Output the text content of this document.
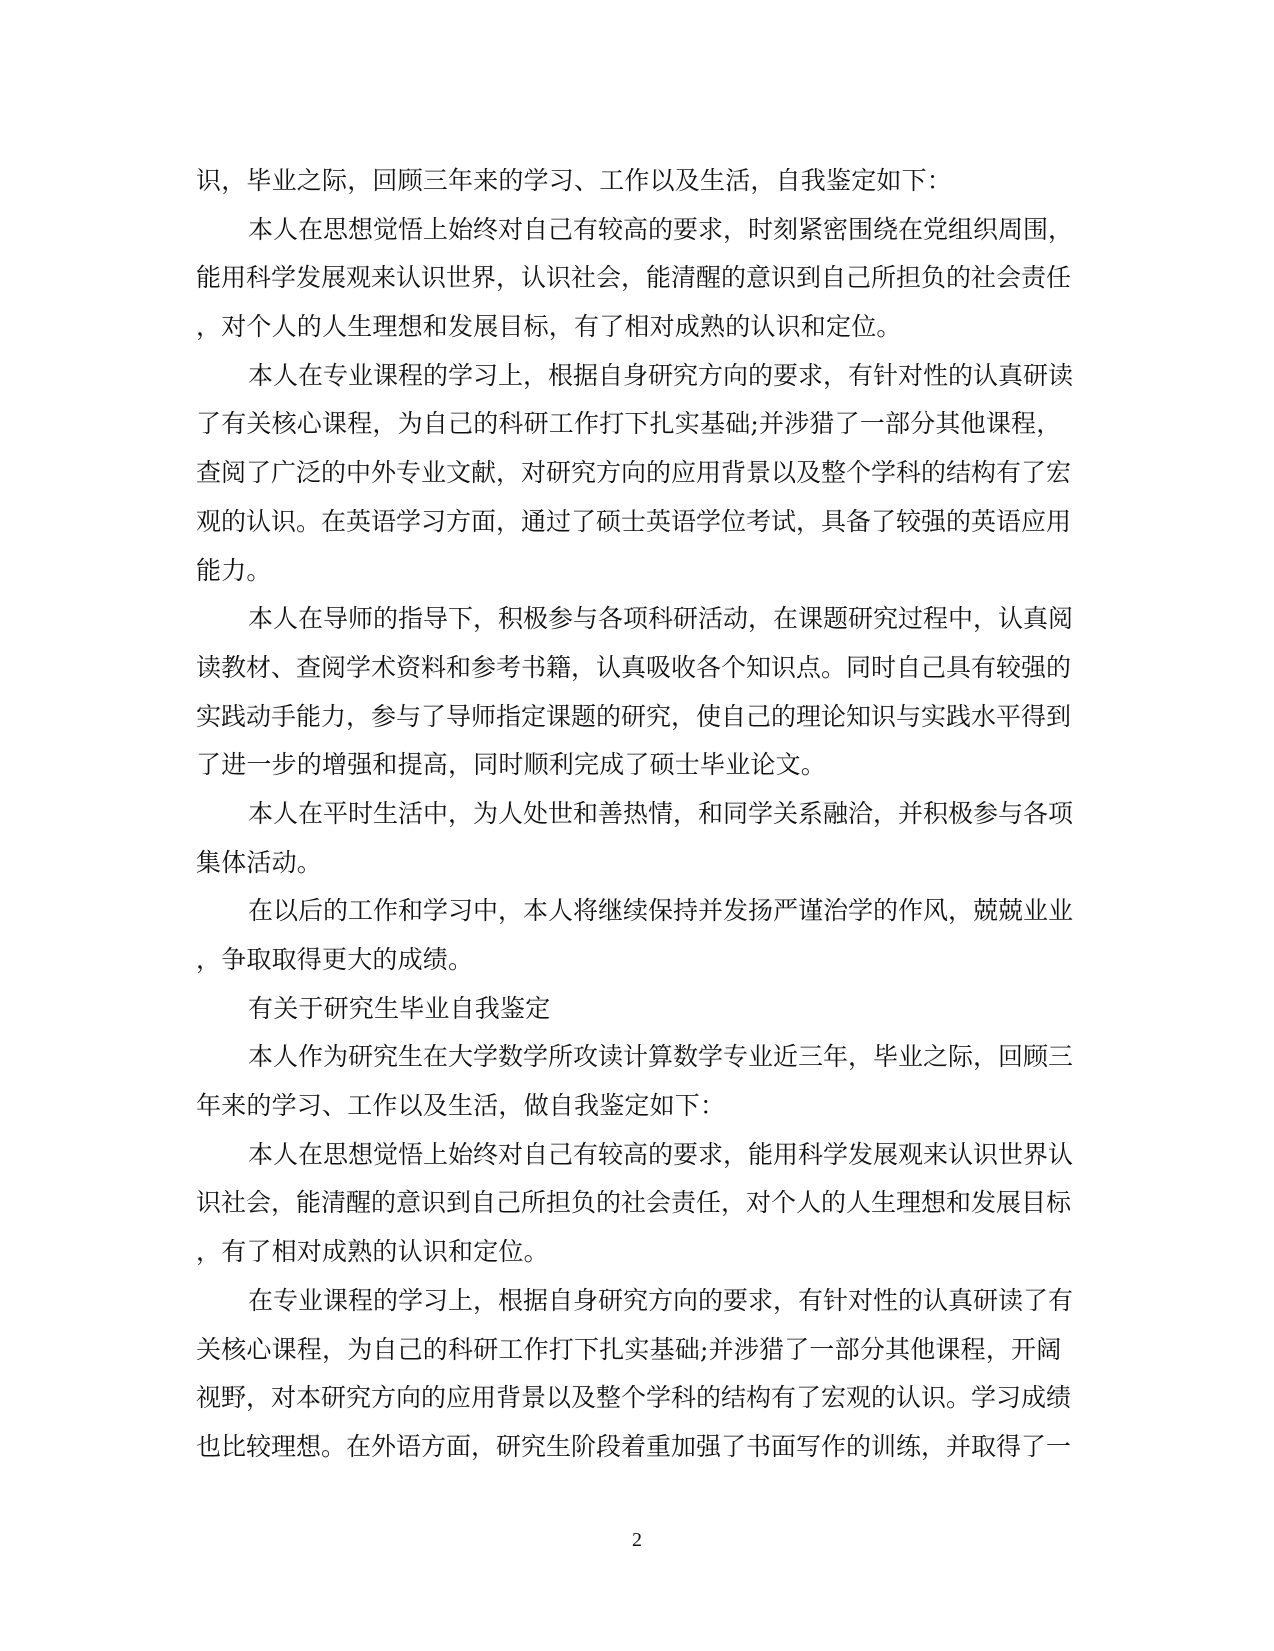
识，毕业之际，回顾三年来的学习、工作以及生活，自我鉴定如下：
本人在思想觉悟上始终对自己有较高的要求，时刻紧密围绕在党组织周围，
能用科学发展观来认识世界，认识社会，能清醒的意识到自己所担负的社会责任
，对个人的人生理想和发展目标，有了相对成熟的认识和定位。
本人在专业课程的学习上，根据自身研究方向的要求，有针对性的认真研读
了有关核心课程，为自己的科研工作打下扎实基础;并涉猎了一部分其他课程，
查阅了广泛的中外专业文献，对研究方向的应用背景以及整个学科的结构有了宏
观的认识。在英语学习方面，通过了硕士英语学位考试，具备了较强的英语应用
能力。
本人在导师的指导下，积极参与各项科研活动，在课题研究过程中，认真阅
读教材、查阅学术资料和参考书籍，认真吸收各个知识点。同时自己具有较强的
实践动手能力，参与了导师指定课题的研究，使自己的理论知识与实践水平得到
了进一步的增强和提高，同时顺利完成了硕士毕业论文。
本人在平时生活中，为人处世和善热情，和同学关系融洽，并积极参与各项
集体活动。
在以后的工作和学习中，本人将继续保持并发扬严谨治学的作风，兢兢业业
，争取取得更大的成绩。
有关于研究生毕业自我鉴定
本人作为研究生在大学数学所攻读计算数学专业近三年，毕业之际，回顾三
年来的学习、工作以及生活，做自我鉴定如下：
本人在思想觉悟上始终对自己有较高的要求，能用科学发展观来认识世界认
识社会，能清醒的意识到自己所担负的社会责任，对个人的人生理想和发展目标
，有了相对成熟的认识和定位。
在专业课程的学习上，根据自身研究方向的要求，有针对性的认真研读了有
关核心课程，为自己的科研工作打下扎实基础;并涉猎了一部分其他课程，开阔
视野，对本研究方向的应用背景以及整个学科的结构有了宏观的认识。学习成绩
也比较理想。在外语方面，研究生阶段着重加强了书面写作的训练，并取得了一
2
